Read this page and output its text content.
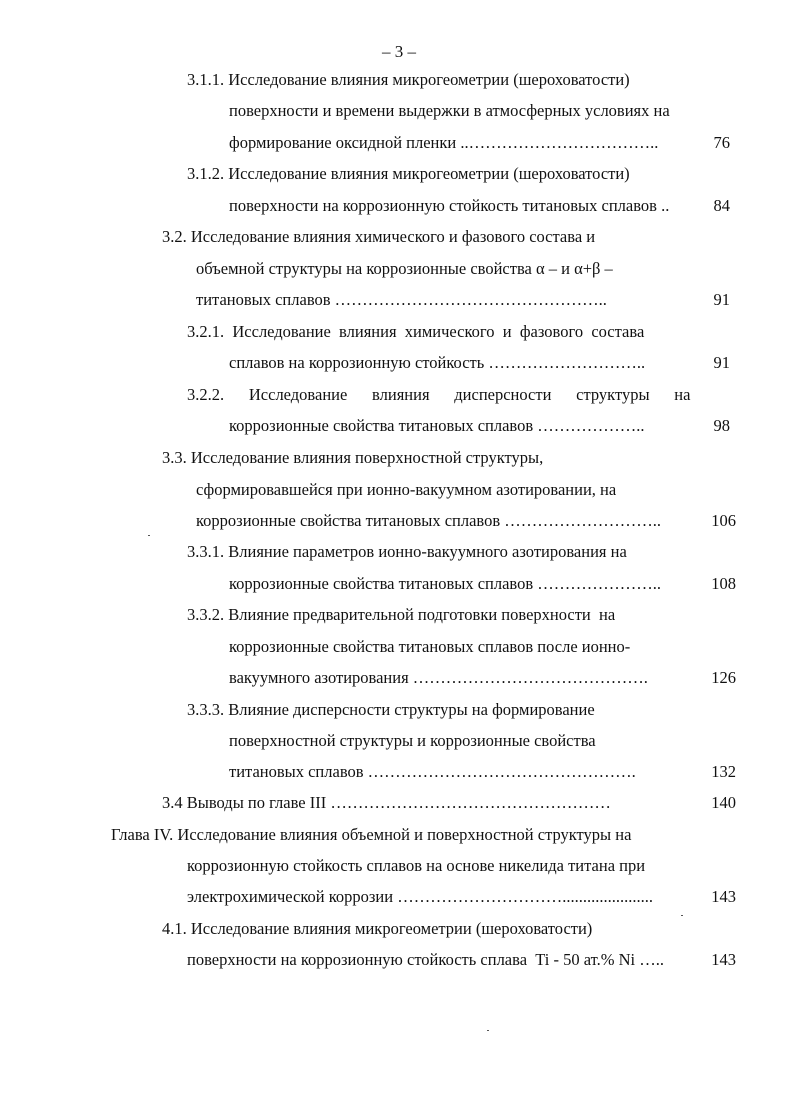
– 3 –
3.1.1. Исследование влияния микрогеометрии (шероховатости)
поверхности и времени выдержки в атмосферных условиях на
формирование оксидной пленки ..……………………………..	76
3.1.2. Исследование влияния микрогеометрии (шероховатости)
поверхности на коррозионную стойкость титановых сплавов ..	84
3.2. Исследование влияния химического и фазового состава и
объемной структуры на коррозионные свойства α – и α+β –
титановых сплавов …………………………………………..	91
3.2.1.  Исследование  влияния  химического  и  фазового  состава
сплавов на коррозионную стойкость ………………………..	91
3.2.2.      Исследование      влияния      дисперсности      структуры      на
коррозионные свойства титановых сплавов ………………..	98
3.3. Исследование влияния поверхностной структуры,
сформировавшейся при ионно-вакуумном азотировании, на
коррозионные свойства титановых сплавов ………………………..	106
3.3.1. Влияние параметров ионно-вакуумного азотирования на
коррозионные свойства титановых сплавов …………………..	108
3.3.2. Влияние предварительной подготовки поверхности  на
коррозионные свойства титановых сплавов после ионно-
вакуумного азотирования …………………………………….	126
3.3.3. Влияние дисперсности структуры на формирование
поверхностной структуры и коррозионные свойства
титановых сплавов ………………………………………….	132
3.4 Выводы по главе III ……………………………………………	140
Глава IV. Исследование влияния объемной и поверхностной структуры на
коррозионную стойкость сплавов на основе никелида титана при
электрохимической коррозии …………………………......................	143
4.1. Исследование влияния микрогеометрии (шероховатости)
поверхности на коррозионную стойкость сплава  Ti - 50 ат.% Ni …..	143
